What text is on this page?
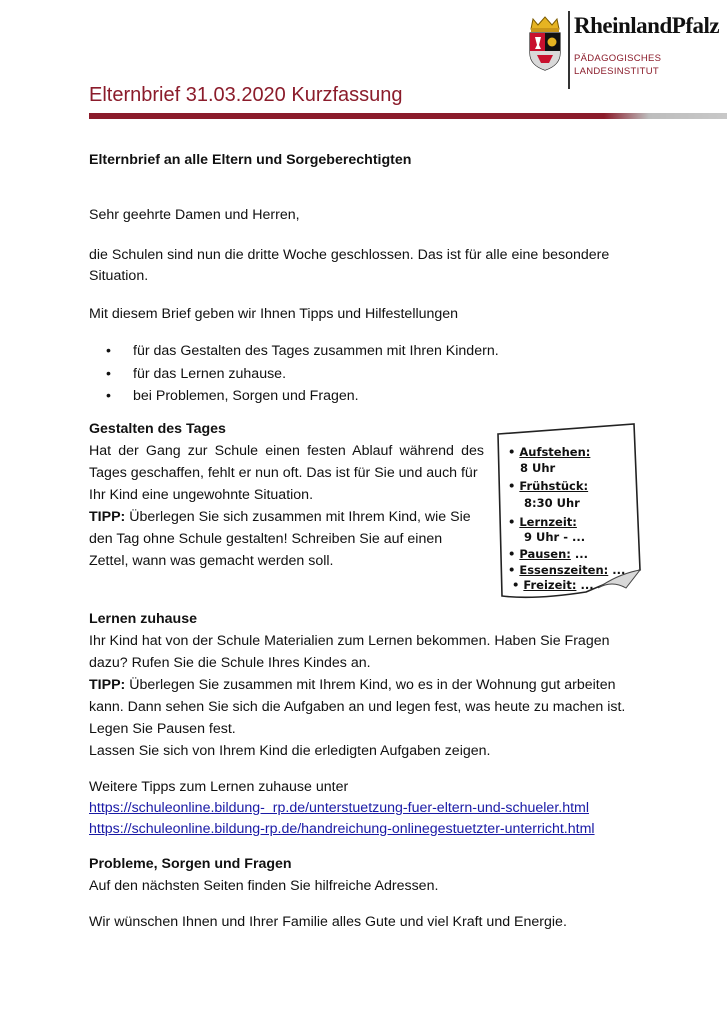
RheinlandPfalz
PÄDAGOGISCHES
LANDESINSTITUT
Elternbrief 31.03.2020 Kurzfassung
Elternbrief an alle Eltern und Sorgeberechtigten
Sehr geehrte Damen und Herren,
die Schulen sind nun die dritte Woche geschlossen. Das ist für alle eine besondere
Situation.
Mit diesem Brief geben wir Ihnen Tipps und Hilfestellungen
• für das Gestalten des Tages zusammen mit Ihren Kindern.
• für das Lernen zuhause.
• bei Problemen, Sorgen und Fragen.
Gestalten des Tages
Hat der Gang zur Schule einen festen Ablauf während des
Tages geschaffen, fehlt er nun oft. Das ist für Sie und auch für
Ihr Kind eine ungewohnte Situation.
TIPP: Überlegen Sie sich zusammen mit Ihrem Kind, wie Sie
den Tag ohne Schule gestalten! Schreiben Sie auf einen
Zettel, wann was gemacht werden soll.
• Aufstehen:
8 Uhr
• Frühstück:
8:30 Uhr
• Lernzeit:
9 Uhr - ...
• Pausen: ...
• Essenszeiten: ...
• Freizeit: ...
Lernen zuhause
Ihr Kind hat von der Schule Materialien zum Lernen bekommen. Haben Sie Fragen
dazu? Rufen Sie die Schule Ihres Kindes an.
TIPP: Überlegen Sie zusammen mit Ihrem Kind, wo es in der Wohnung gut arbeiten
kann. Dann sehen Sie sich die Aufgaben an und legen fest, was heute zu machen ist.
Legen Sie Pausen fest.
Lassen Sie sich von Ihrem Kind die erledigten Aufgaben zeigen.
Weitere Tipps zum Lernen zuhause unter
https://schuleonline.bildung-  rp.de/unterstuetzung-fuer-eltern-und-schueler.html
https://schuleonline.bildung-rp.de/handreichung-onlinegestuetzter-unterricht.html
Probleme, Sorgen und Fragen
Auf den nächsten Seiten finden Sie hilfreiche Adressen.
Wir wünschen Ihnen und Ihrer Familie alles Gute und viel Kraft und Energie.
